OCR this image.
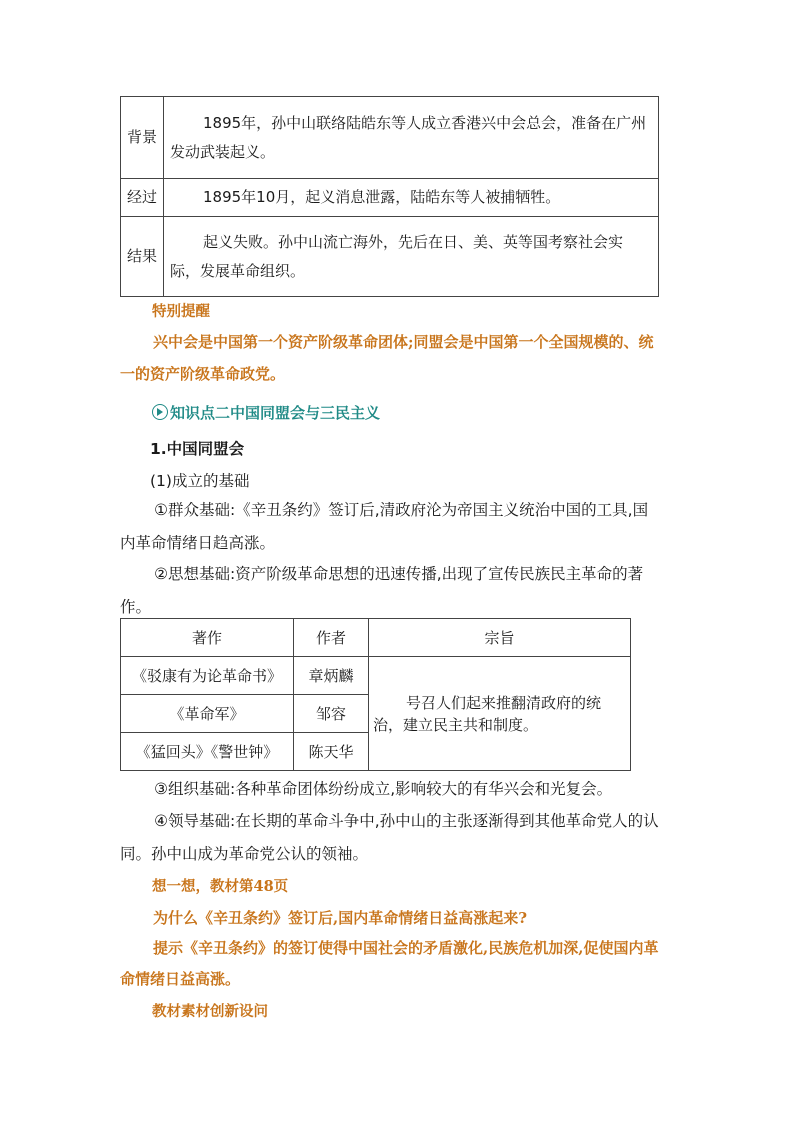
背景	1895年，孙中山联络陆皓东等人成立香港兴中会总会，准备在广州发动武装起义。
经过	1895年10月，起义消息泄露，陆皓东等人被捕牺牲。
结果	起义失败。孙中山流亡海外，先后在日、美、英等国考察社会实际，发展革命组织。
特别提醒
兴中会是中国第一个资产阶级革命团体;同盟会是中国第一个全国规模的、统一的资产阶级革命政党。
知识点二中国同盟会与三民主义
1.中国同盟会
(1)成立的基础
①群众基础:《辛丑条约》签订后,清政府沦为帝国主义统治中国的工具,国内革命情绪日趋高涨。
②思想基础:资产阶级革命思想的迅速传播,出现了宣传民族民主革命的著作。
著作	作者	宗旨
《驳康有为论革命书》	章炳麟	号召人们起来推翻清政府的统治，建立民主共和制度。
《革命军》	邹容	
《猛回头》《警世钟》	陈天华	
③组织基础:各种革命团体纷纷成立,影响较大的有华兴会和光复会。
④领导基础:在长期的革命斗争中,孙中山的主张逐渐得到其他革命党人的认同。孙中山成为革命党公认的领袖。
想一想，教材第48页
为什么《辛丑条约》签订后,国内革命情绪日益高涨起来?
提示《辛丑条约》的签订使得中国社会的矛盾激化,民族危机加深,促使国内革命情绪日益高涨。
教材素材创新设问
